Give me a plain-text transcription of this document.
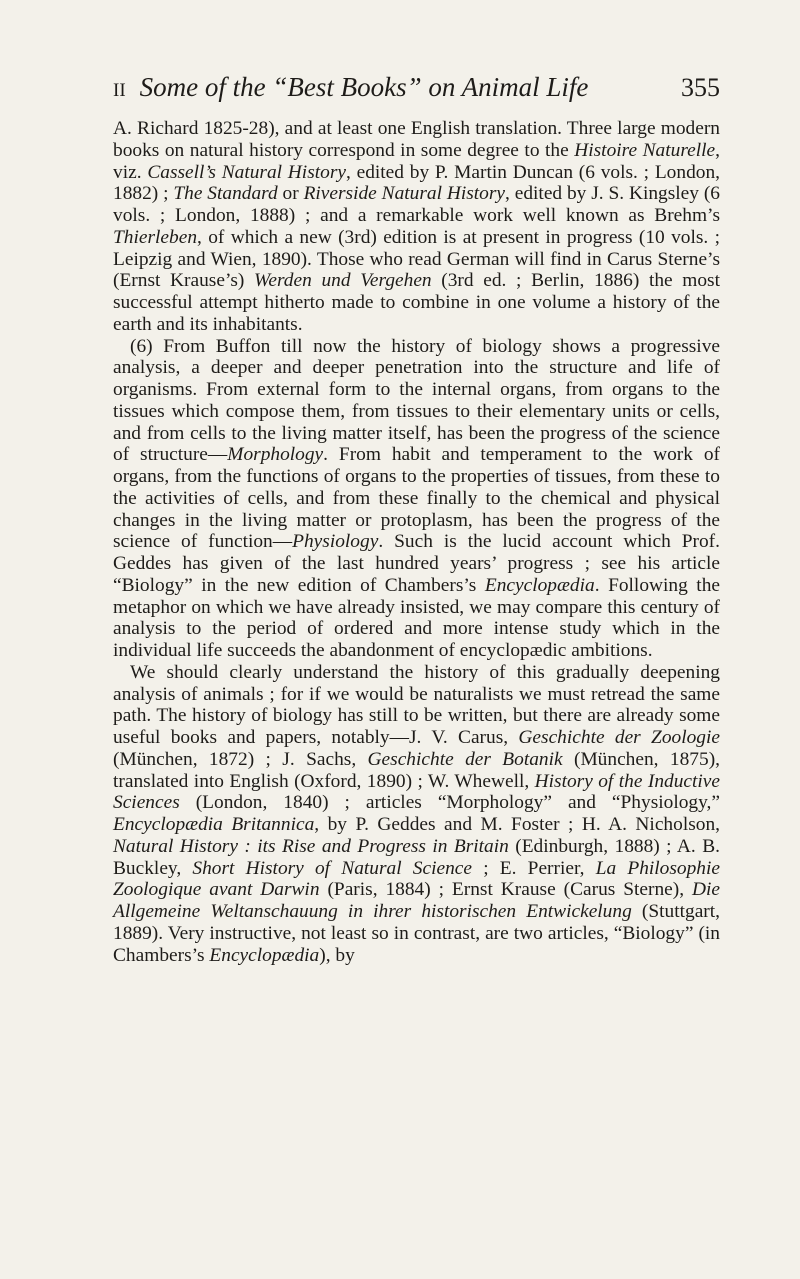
II Some of the “Best Books” on Animal Life	355

A. Richard 1825-28), and at least one English translation. Three large modern books on natural history correspond in some degree to the Histoire Naturelle, viz. Cassell’s Natural History, edited by P. Martin Duncan (6 vols. ; London, 1882) ; The Standard or Riverside Natural History, edited by J. S. Kingsley (6 vols. ; London, 1888) ; and a remarkable work well known as Brehm’s Thierleben, of which a new (3rd) edition is at present in progress (10 vols. ; Leipzig and Wien, 1890). Those who read German will find in Carus Sterne’s (Ernst Krause’s) Werden und Vergehen (3rd ed. ; Berlin, 1886) the most successful attempt hitherto made to combine in one volume a history of the earth and its inhabitants.

(6) From Buffon till now the history of biology shows a progressive analysis, a deeper and deeper penetration into the structure and life of organisms. From external form to the internal organs, from organs to the tissues which compose them, from tissues to their elementary units or cells, and from cells to the living matter itself, has been the progress of the science of structure—Morphology. From habit and temperament to the work of organs, from the functions of organs to the properties of tissues, from these to the activities of cells, and from these finally to the chemical and physical changes in the living matter or protoplasm, has been the progress of the science of function—Physiology. Such is the lucid account which Prof. Geddes has given of the last hundred years’ progress ; see his article “Biology” in the new edition of Chambers’s Encyclopædia. Following the metaphor on which we have already insisted, we may compare this century of analysis to the period of ordered and more intense study which in the individual life succeeds the abandonment of encyclopædic ambitions.

We should clearly understand the history of this gradually deepening analysis of animals ; for if we would be naturalists we must retread the same path. The history of biology has still to be written, but there are already some useful books and papers, notably—J. V. Carus, Geschichte der Zoologie (München, 1872) ; J. Sachs, Geschichte der Botanik (München, 1875), translated into English (Oxford, 1890) ; W. Whewell, History of the Inductive Sciences (London, 1840) ; articles “Morphology” and “Physiology,” Encyclopædia Britannica, by P. Geddes and M. Foster ; H. A. Nicholson, Natural History : its Rise and Progress in Britain (Edinburgh, 1888) ; A. B. Buckley, Short History of Natural Science ; E. Perrier, La Philosophie Zoologique avant Darwin (Paris, 1884) ; Ernst Krause (Carus Sterne), Die Allgemeine Weltanschauung in ihrer historischen Entwickelung (Stuttgart, 1889). Very instructive, not least so in contrast, are two articles, “Biology” (in Chambers’s Encyclopædia), by
